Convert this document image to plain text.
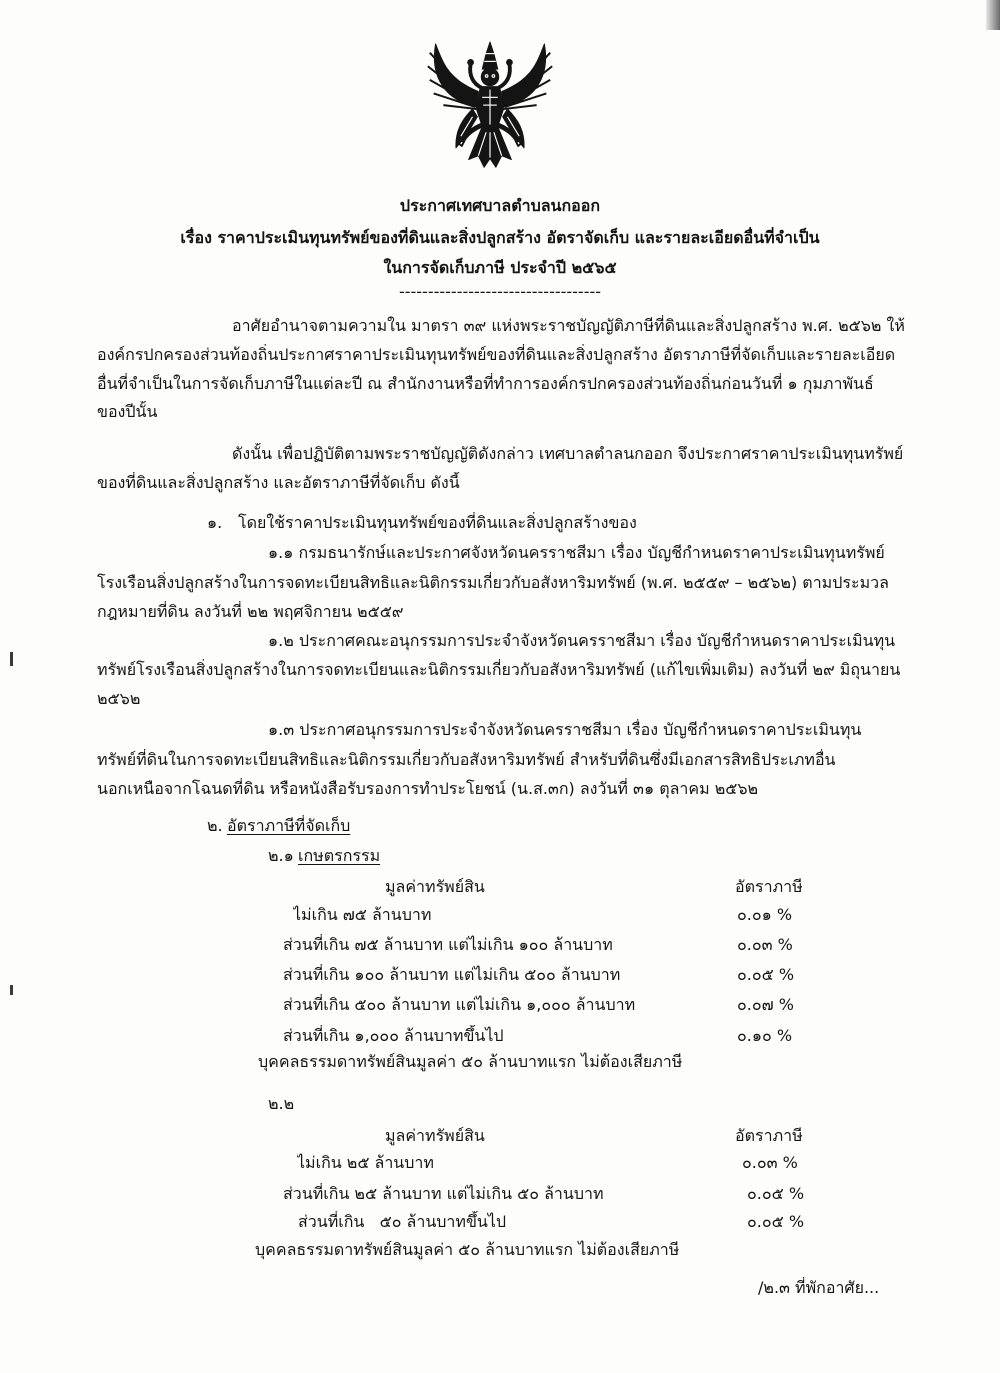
ประกาศเทศบาลตำบลนกออก
เรื่อง ราคาประเมินทุนทรัพย์ของที่ดินและสิ่งปลูกสร้าง อัตราจัดเก็บ และรายละเอียดอื่นที่จำเป็น
ในการจัดเก็บภาษี ประจำปี ๒๕๖๕
-----------------------------------
อาศัยอำนาจตามความใน มาตรา ๓๙ แห่งพระราชบัญญัติภาษีที่ดินและสิ่งปลูกสร้าง พ.ศ. ๒๕๖๒ ให้
องค์กรปกครองส่วนท้องถิ่นประกาศราคาประเมินทุนทรัพย์ของที่ดินและสิ่งปลูกสร้าง อัตราภาษีที่จัดเก็บและรายละเอียด
อื่นที่จำเป็นในการจัดเก็บภาษีในแต่ละปี ณ สำนักงานหรือที่ทำการองค์กรปกครองส่วนท้องถิ่นก่อนวันที่ ๑ กุมภาพันธ์
ของปีนั้น
ดังนั้น เพื่อปฏิบัติตามพระราชบัญญัติดังกล่าว เทศบาลตำลนกออก จึงประกาศราคาประเมินทุนทรัพย์
ของที่ดินและสิ่งปลูกสร้าง และอัตราภาษีที่จัดเก็บ ดังนี้
๑. โดยใช้ราคาประเมินทุนทรัพย์ของที่ดินและสิ่งปลูกสร้างของ
๑.๑ กรมธนารักษ์และประกาศจังหวัดนครราชสีมา เรื่อง บัญชีกำหนดราคาประเมินทุนทรัพย์
โรงเรือนสิ่งปลูกสร้างในการจดทะเบียนสิทธิและนิติกรรมเกี่ยวกับอสังหาริมทรัพย์ (พ.ศ. ๒๕๕๙ – ๒๕๖๒) ตามประมวล
กฎหมายที่ดิน ลงวันที่ ๒๒ พฤศจิกายน ๒๕๕๙
๑.๒ ประกาศคณะอนุกรรมการประจำจังหวัดนครราชสีมา เรื่อง บัญชีกำหนดราคาประเมินทุน
ทรัพย์โรงเรือนสิ่งปลูกสร้างในการจดทะเบียนและนิติกรรมเกี่ยวกับอสังหาริมทรัพย์ (แก้ไขเพิ่มเติม) ลงวันที่ ๒๙ มิถุนายน
๒๕๖๒
๑.๓ ประกาศอนุกรรมการประจำจังหวัดนครราชสีมา เรื่อง บัญชีกำหนดราคาประเมินทุน
ทรัพย์ที่ดินในการจดทะเบียนสิทธิและนิติกรรมเกี่ยวกับอสังหาริมทรัพย์ สำหรับที่ดินซึ่งมีเอกสารสิทธิประเภทอื่น
นอกเหนือจากโฉนดที่ดิน หรือหนังสือรับรองการทำประโยชน์ (น.ส.๓ก) ลงวันที่ ๓๑ ตุลาคม ๒๕๖๒
๒. อัตราภาษีที่จัดเก็บ
๒.๑ เกษตรกรรม
มูลค่าทรัพย์สิน	อัตราภาษี
ไม่เกิน ๗๕ ล้านบาท	๐.๐๑ %
ส่วนที่เกิน ๗๕ ล้านบาท แต่ไม่เกิน ๑๐๐ ล้านบาท	๐.๐๓ %
ส่วนที่เกิน ๑๐๐ ล้านบาท แต่ไม่เกิน ๕๐๐ ล้านบาท	๐.๐๕ %
ส่วนที่เกิน ๕๐๐ ล้านบาท แต่ไม่เกิน ๑,๐๐๐ ล้านบาท	๐.๐๗ %
ส่วนที่เกิน ๑,๐๐๐ ล้านบาทขึ้นไป	๐.๑๐ %
บุคคลธรรมดาทรัพย์สินมูลค่า ๕๐ ล้านบาทแรก ไม่ต้องเสียภาษี
๒.๒

มูลค่าทรัพย์สิน	อัตราภาษี
ไม่เกิน ๒๕ ล้านบาท	๐.๐๓ %
ส่วนที่เกิน ๒๕ ล้านบาท แต่ไม่เกิน ๕๐ ล้านบาท	๐.๐๕ %
ส่วนที่เกิน   ๕๐ ล้านบาทขึ้นไป	๐.๐๕ %
บุคคลธรรมดาทรัพย์สินมูลค่า ๕๐ ล้านบาทแรก ไม่ต้องเสียภาษี
/๒.๓ ที่พักอาศัย...
